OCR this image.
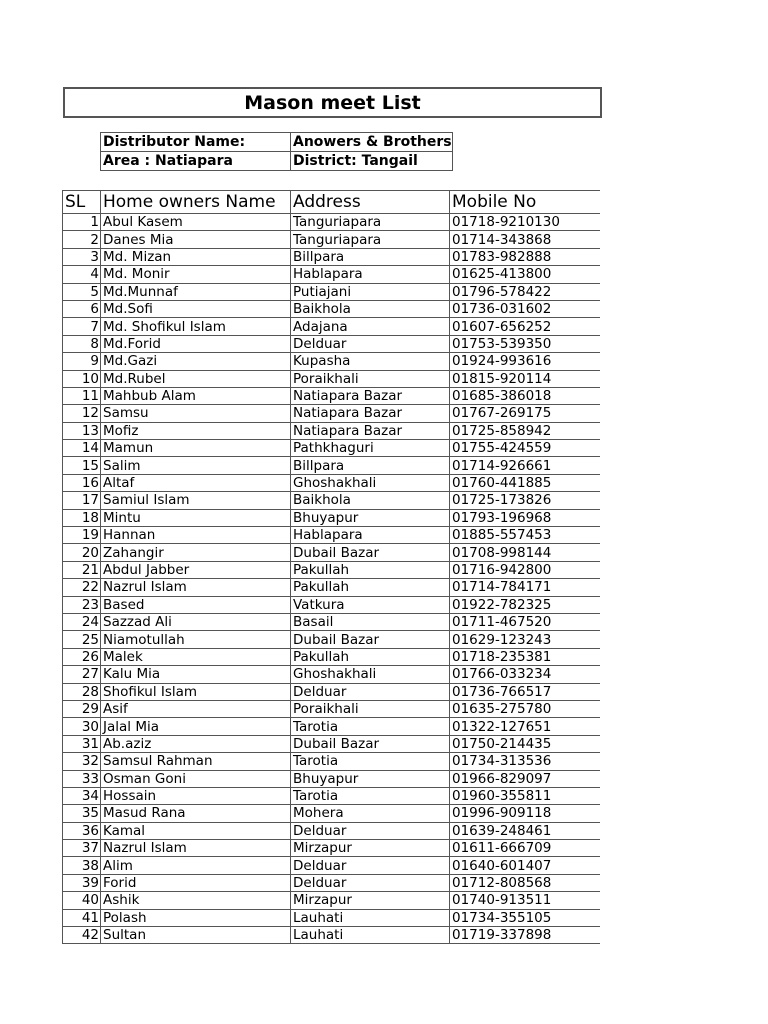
Mason meet List
Distributor Name:	Anowers & Brothers
Area : Natiapara	District: Tangail
SL	Home owners Name	Address	Mobile No
1	Abul Kasem	Tanguriapara	01718-9210130
2	Danes Mia	Tanguriapara	01714-343868
3	Md. Mizan	Billpara	01783-982888
4	Md. Monir	Hablapara	01625-413800
5	Md.Munnaf	Putiajani	01796-578422
6	Md.Sofi	Baikhola	01736-031602
7	Md. Shofikul Islam	Adajana	01607-656252
8	Md.Forid	Delduar	01753-539350
9	Md.Gazi	Kupasha	01924-993616
10	Md.Rubel	Poraikhali	01815-920114
11	Mahbub Alam	Natiapara Bazar	01685-386018
12	Samsu	Natiapara Bazar	01767-269175
13	Mofiz	Natiapara Bazar	01725-858942
14	Mamun	Pathkhaguri	01755-424559
15	Salim	Billpara	01714-926661
16	Altaf	Ghoshakhali	01760-441885
17	Samiul Islam	Baikhola	01725-173826
18	Mintu	Bhuyapur	01793-196968
19	Hannan	Hablapara	01885-557453
20	Zahangir	Dubail Bazar	01708-998144
21	Abdul Jabber	Pakullah	01716-942800
22	Nazrul Islam	Pakullah	01714-784171
23	Based	Vatkura	01922-782325
24	Sazzad Ali	Basail	01711-467520
25	Niamotullah	Dubail Bazar	01629-123243
26	Malek	Pakullah	01718-235381
27	Kalu Mia	Ghoshakhali	01766-033234
28	Shofikul Islam	Delduar	01736-766517
29	Asif	Poraikhali	01635-275780
30	Jalal Mia	Tarotia	01322-127651
31	Ab.aziz	Dubail Bazar	01750-214435
32	Samsul Rahman	Tarotia	01734-313536
33	Osman Goni	Bhuyapur	01966-829097
34	Hossain	Tarotia	01960-355811
35	Masud Rana	Mohera	01996-909118
36	Kamal	Delduar	01639-248461
37	Nazrul Islam	Mirzapur	01611-666709
38	Alim	Delduar	01640-601407
39	Forid	Delduar	01712-808568
40	Ashik	Mirzapur	01740-913511
41	Polash	Lauhati	01734-355105
42	Sultan	Lauhati	01719-337898
